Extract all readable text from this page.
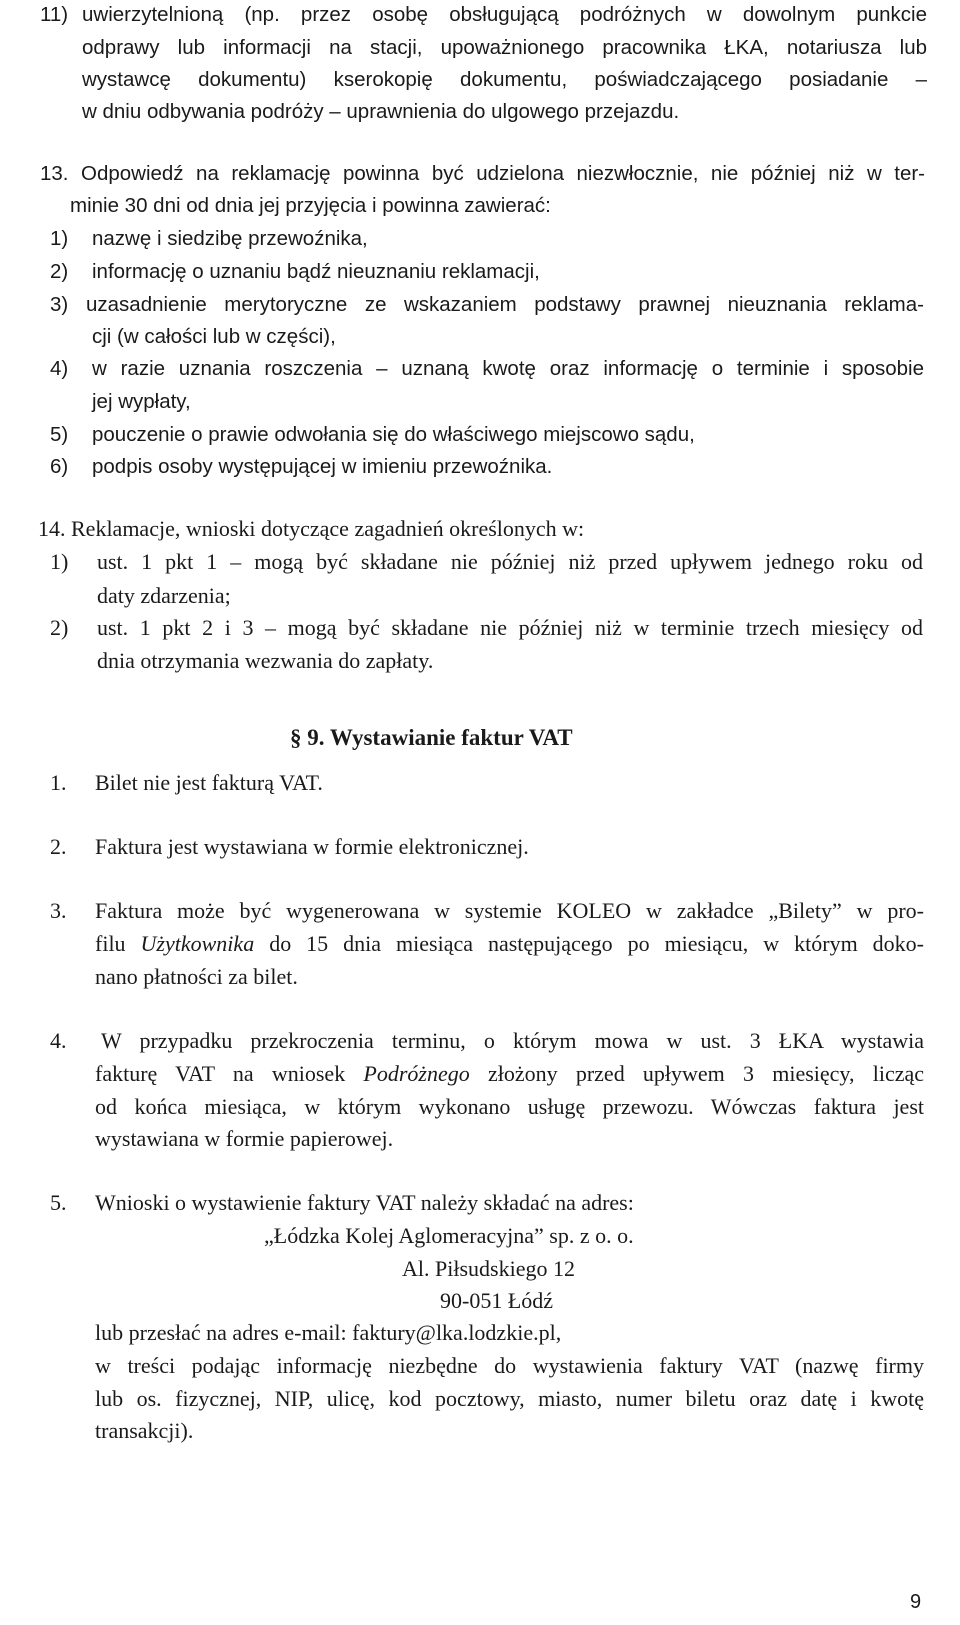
11) uwierzytelnioną (np. przez osobę obsługującą podróżnych w dowolnym punkcie
odprawy lub informacji na stacji, upoważnionego pracownika ŁKA, notariusza lub
wystawcę dokumentu) kserokopię dokumentu, poświadczającego posiadanie –
w dniu odbywania podróży – uprawnienia do ulgowego przejazdu.
13. Odpowiedź na reklamację powinna być udzielona niezwłocznie, nie później niż w ter-
minie 30 dni od dnia jej przyjęcia i powinna zawierać:
1) nazwę i siedzibę przewoźnika,
2) informację o uznaniu bądź nieuznaniu reklamacji,
3) uzasadnienie merytoryczne ze wskazaniem podstawy prawnej nieuznania reklama-
cji (w całości lub w części),
4) w razie uznania roszczenia – uznaną kwotę oraz informację o terminie i sposobie
jej wypłaty,
5) pouczenie o prawie odwołania się do właściwego miejscowo sądu,
6) podpis osoby występującej w imieniu przewoźnika.
14. Reklamacje, wnioski dotyczące zagadnień określonych w:
1) ust. 1 pkt 1 – mogą być składane nie później niż przed upływem jednego roku od
daty zdarzenia;
2) ust. 1 pkt 2 i 3 – mogą być składane nie później niż w terminie trzech miesięcy od
dnia otrzymania wezwania do zapłaty.
§ 9. Wystawianie faktur VAT
1. Bilet nie jest fakturą VAT.
2. Faktura jest wystawiana w formie elektronicznej.
3. Faktura może być wygenerowana w systemie KOLEO w zakładce „Bilety” w pro-
filu Użytkownika do 15 dnia miesiąca następującego po miesiącu, w którym doko-
nano płatności za bilet.
4. W przypadku przekroczenia terminu, o którym mowa w ust. 3 ŁKA wystawia
fakturę VAT na wniosek Podróżnego złożony przed upływem 3 miesięcy, licząc
od końca miesiąca, w którym wykonano usługę przewozu. Wówczas faktura jest
wystawiana w formie papierowej.
5. Wnioski o wystawienie faktury VAT należy składać na adres:
„Łódzka Kolej Aglomeracyjna” sp. z o. o.
Al. Piłsudskiego 12
90-051 Łódź
lub przesłać na adres e-mail: faktury@lka.lodzkie.pl,
w treści podając informację niezbędne do wystawienia faktury VAT (nazwę firmy
lub os. fizycznej, NIP, ulicę, kod pocztowy, miasto, numer biletu oraz datę i kwotę
transakcji).
9
